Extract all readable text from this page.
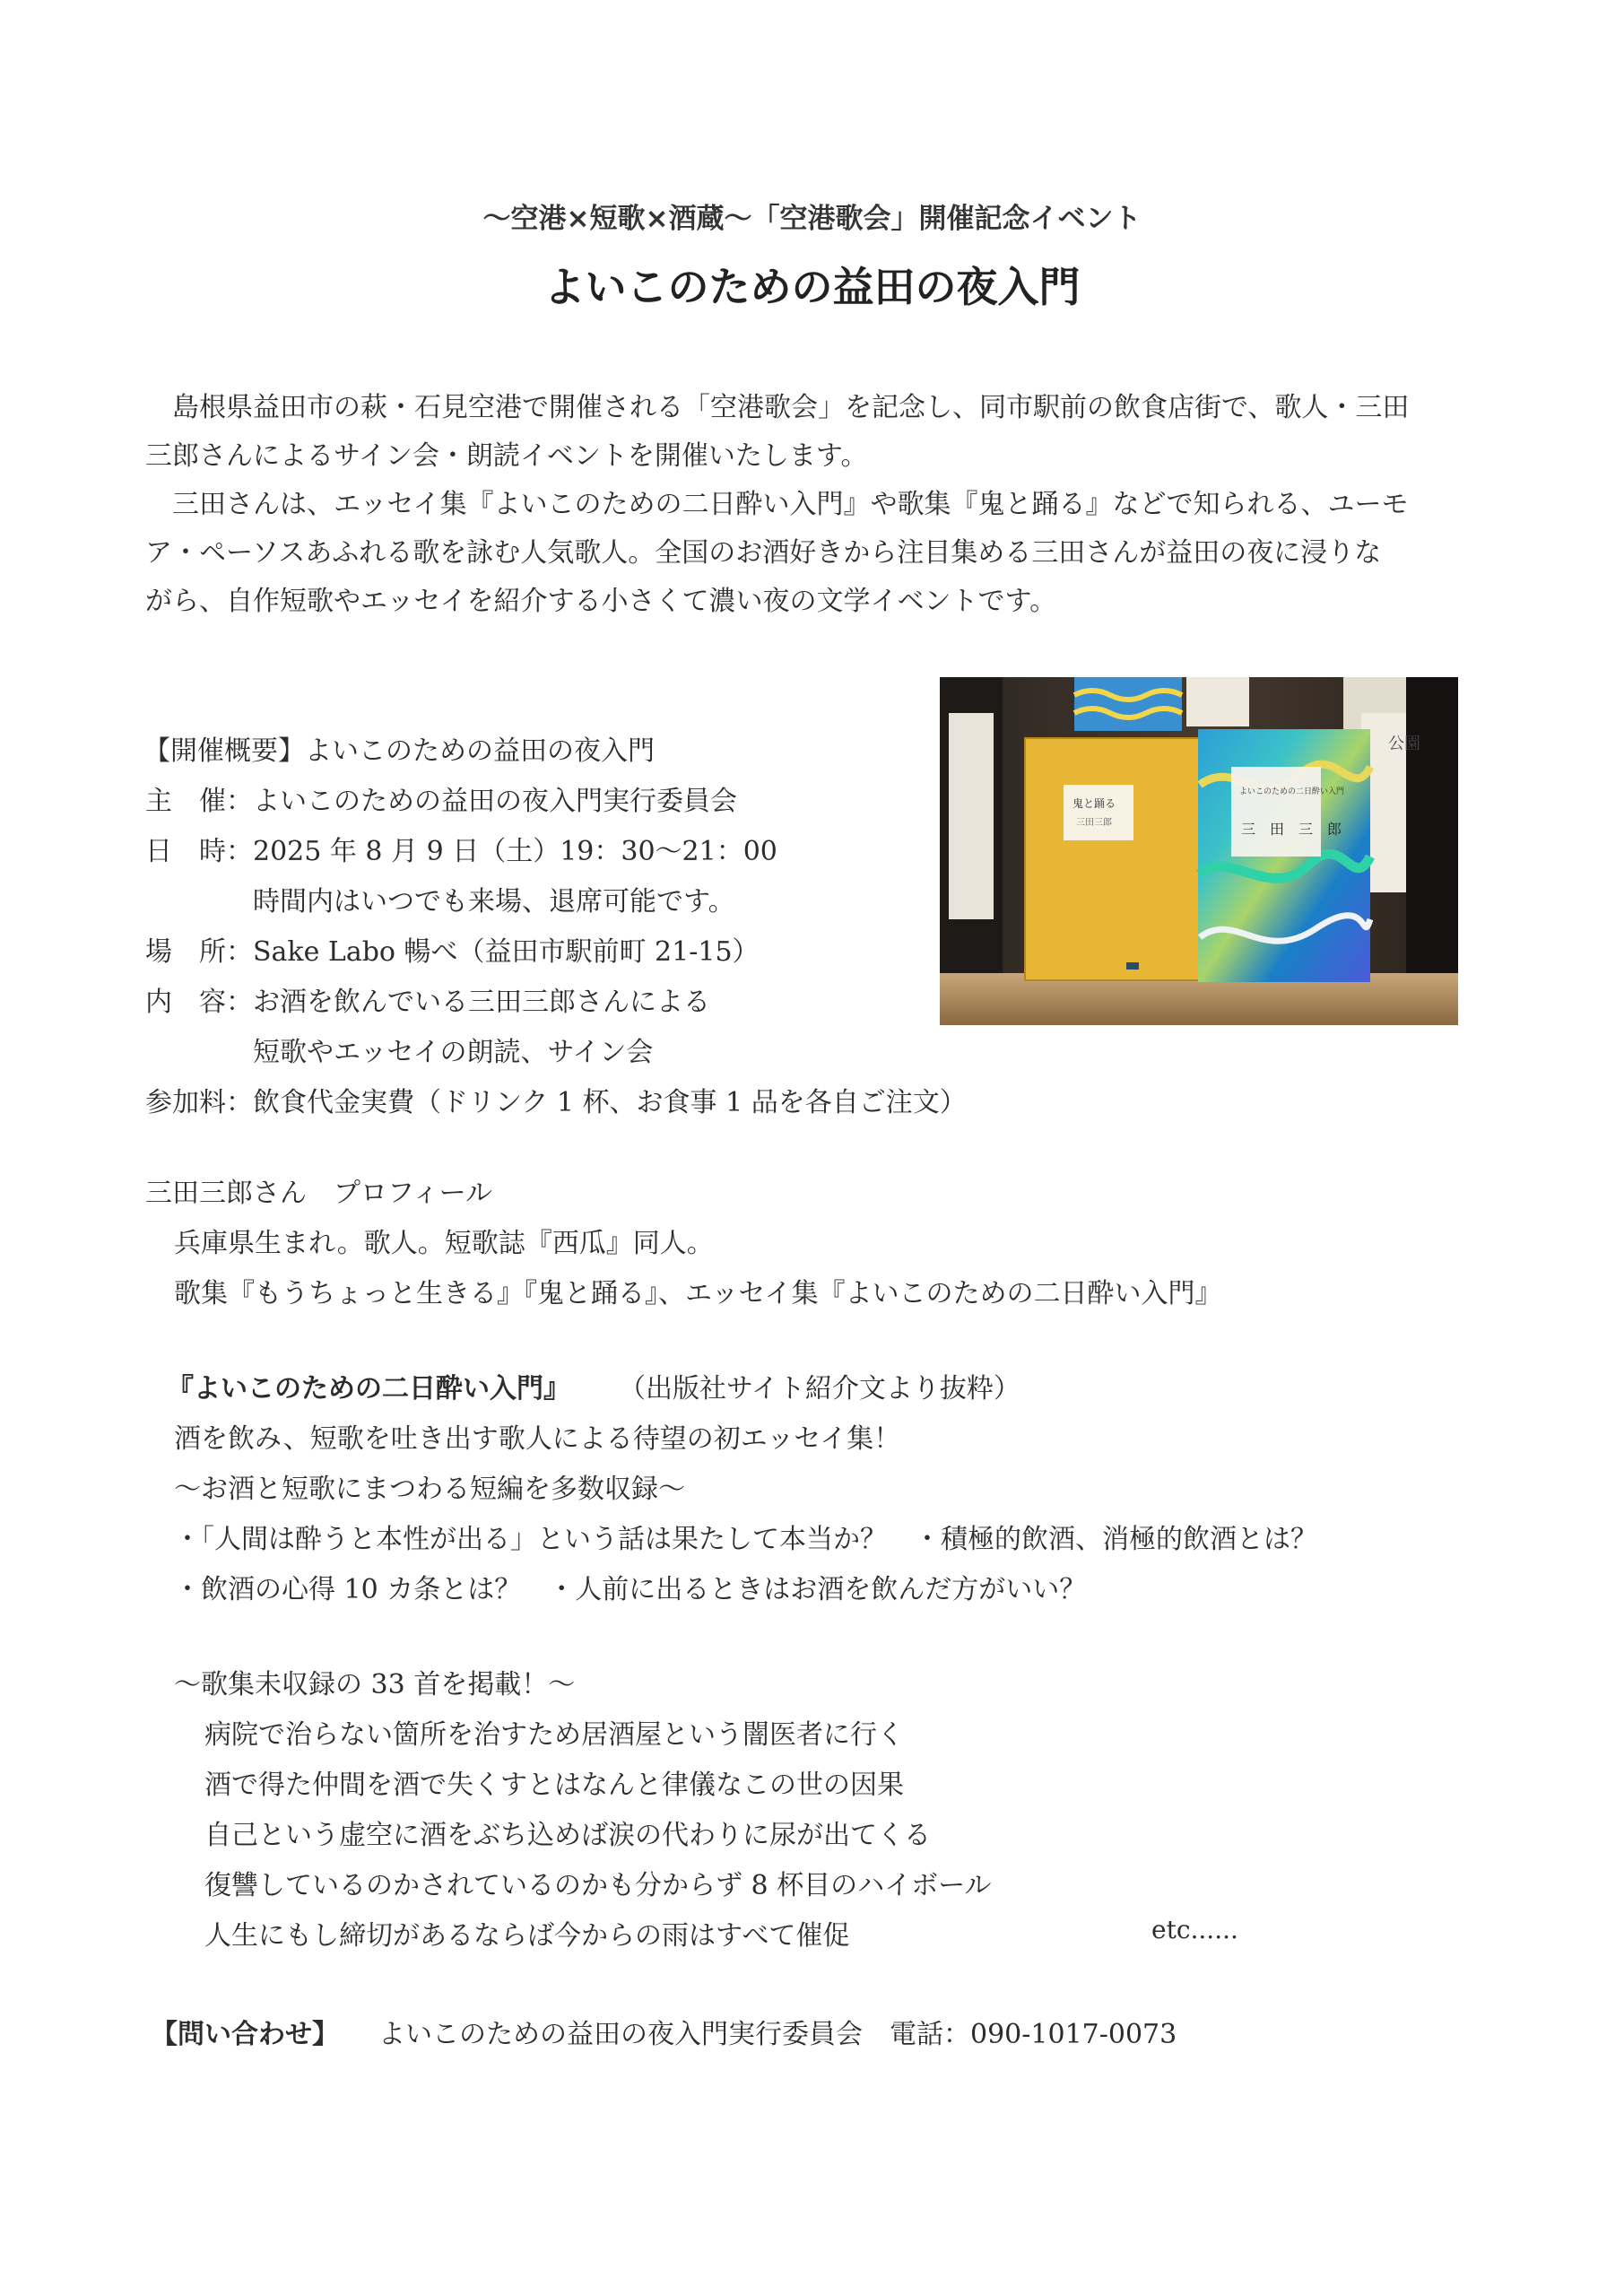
～空港×短歌×酒蔵～「空港歌会」開催記念イベント
よいこのための益田の夜入門
　島根県益田市の萩・石見空港で開催される「空港歌会」を記念し、同市駅前の飲食店街で、歌人・三田
三郎さんによるサイン会・朗読イベントを開催いたします。
　三田さんは、エッセイ集『よいこのための二日酔い入門』や歌集『鬼と踊る』などで知られる、ユーモ
ア・ペーソスあふれる歌を詠む人気歌人。全国のお酒好きから注目集める三田さんが益田の夜に浸りな
がら、自作短歌やエッセイを紹介する小さくて濃い夜の文学イベントです。
公園
鬼と踊る
三田三郎
よいこのための二日酔い入門
三　田　三　郎
【開催概要】よいこのための益田の夜入門
主　催：よいこのための益田の夜入門実行委員会
日　時：2025 年 8 月 9 日（土）19：30～21：00
時間内はいつでも来場、退席可能です。
場　所：Sake Labo 暢べ（益田市駅前町 21-15）
内　容：お酒を飲んでいる三田三郎さんによる
短歌やエッセイの朗読、サイン会
参加料：飲食代金実費（ドリンク 1 杯、お食事 1 品を各自ご注文）
三田三郎さん　プロフィール
兵庫県生まれ。歌人。短歌誌『西瓜』同人。
歌集『もうちょっと生きる』『鬼と踊る』、エッセイ集『よいこのための二日酔い入門』
『よいこのための二日酔い入門』 （出版社サイト紹介文より抜粋）
酒を飲み、短歌を吐き出す歌人による待望の初エッセイ集！
～お酒と短歌にまつわる短編を多数収録～
・「人間は酔うと本性が出る」という話は果たして本当か？　・積極的飲酒、消極的飲酒とは？
・飲酒の心得 10 カ条とは？　・人前に出るときはお酒を飲んだ方がいい？
～歌集未収録の 33 首を掲載！～
病院で治らない箇所を治すため居酒屋という闇医者に行く
酒で得た仲間を酒で失くすとはなんと律儀なこの世の因果
自己という虚空に酒をぶち込めば涙の代わりに尿が出てくる
復讐しているのかされているのかも分からず 8 杯目のハイボール
人生にもし締切があるならば今からの雨はすべて催促	etc......
【問い合わせ】 よいこのための益田の夜入門実行委員会　電話：090-1017-0073
